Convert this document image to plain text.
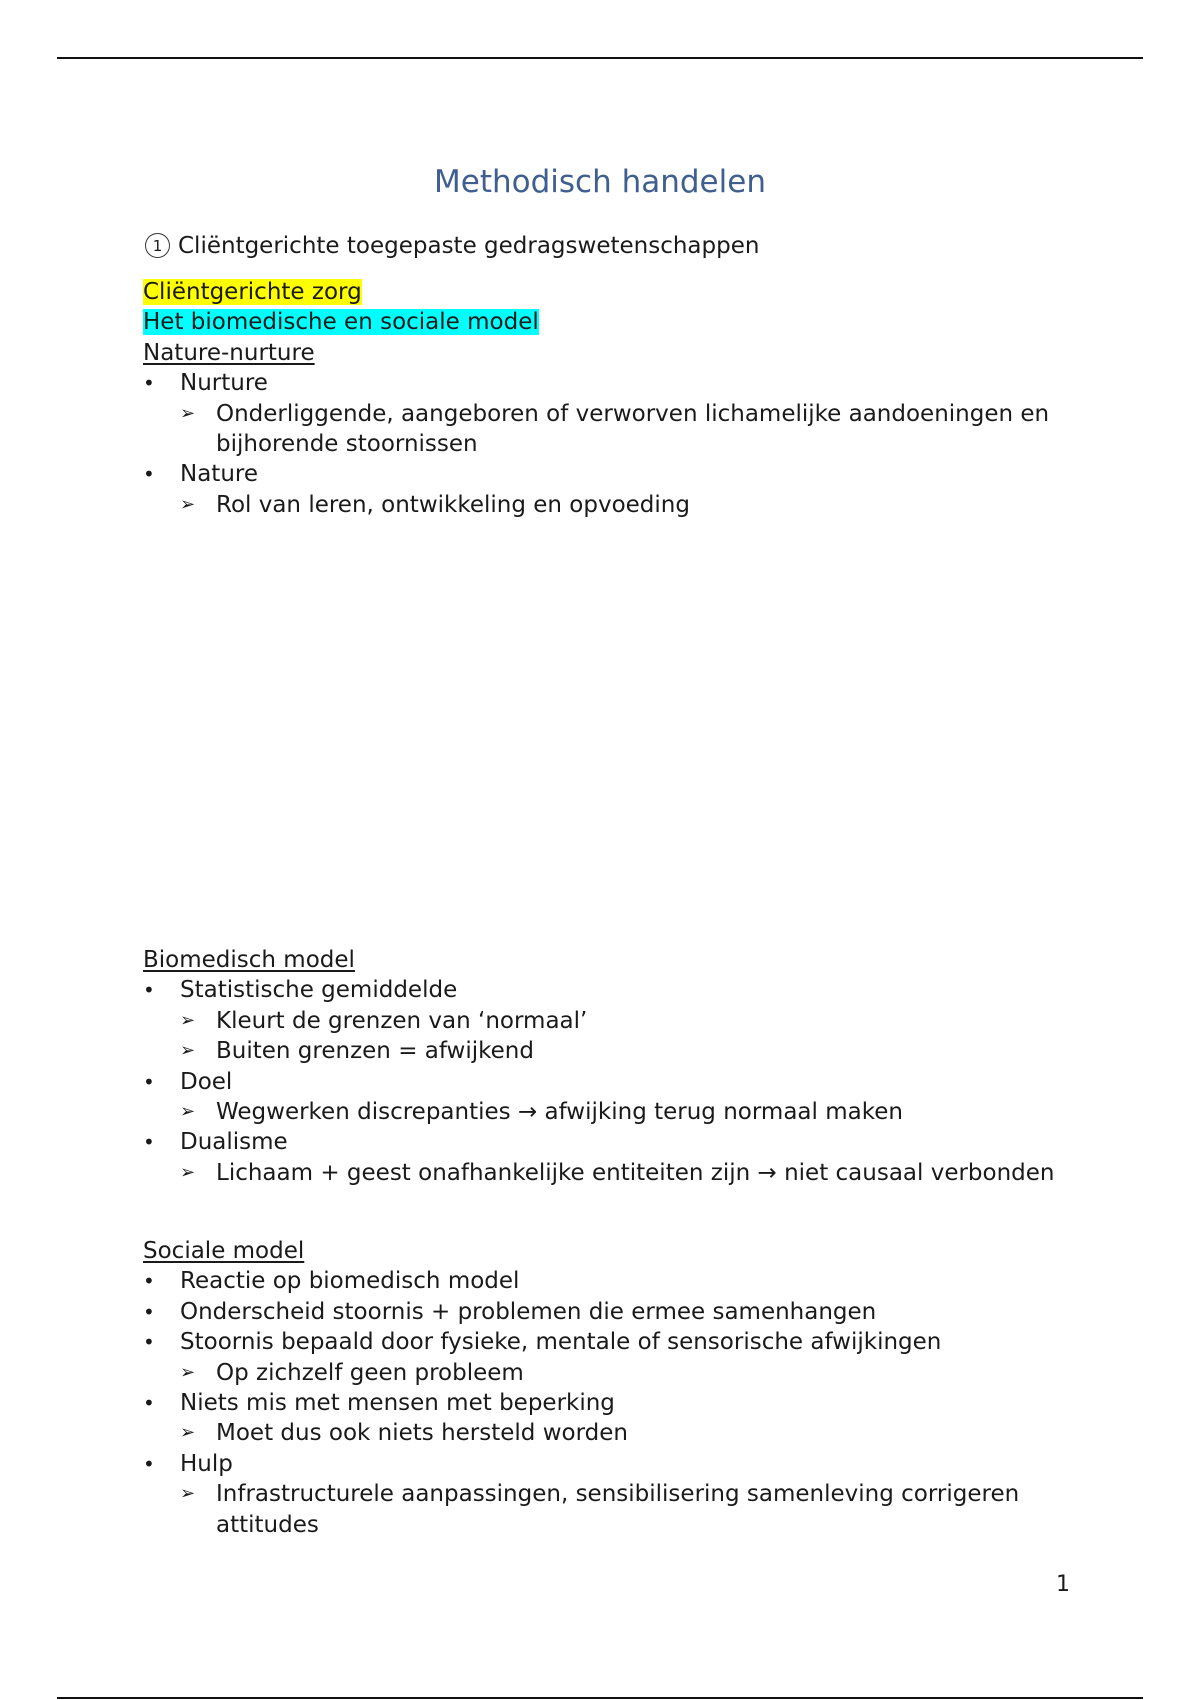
Methodisch handelen
1 Cliëntgerichte toegepaste gedragswetenschappen
Cliëntgerichte zorg
Het biomedische en sociale model
Nature-nurture
• Nurture
➢ Onderliggende, aangeboren of verworven lichamelijke aandoeningen en bijhorende stoornissen
• Nature
➢ Rol van leren, ontwikkeling en opvoeding
Biomedisch model
• Statistische gemiddelde
➢ Kleurt de grenzen van ‘normaal’
➢ Buiten grenzen = afwijkend
• Doel
➢ Wegwerken discrepanties → afwijking terug normaal maken
• Dualisme
➢ Lichaam + geest onafhankelijke entiteiten zijn → niet causaal verbonden
Sociale model
• Reactie op biomedisch model
• Onderscheid stoornis + problemen die ermee samenhangen
• Stoornis bepaald door fysieke, mentale of sensorische afwijkingen
➢ Op zichzelf geen probleem
• Niets mis met mensen met beperking
➢ Moet dus ook niets hersteld worden
• Hulp
➢ Infrastructurele aanpassingen, sensibilisering samenleving corrigeren attitudes
1
